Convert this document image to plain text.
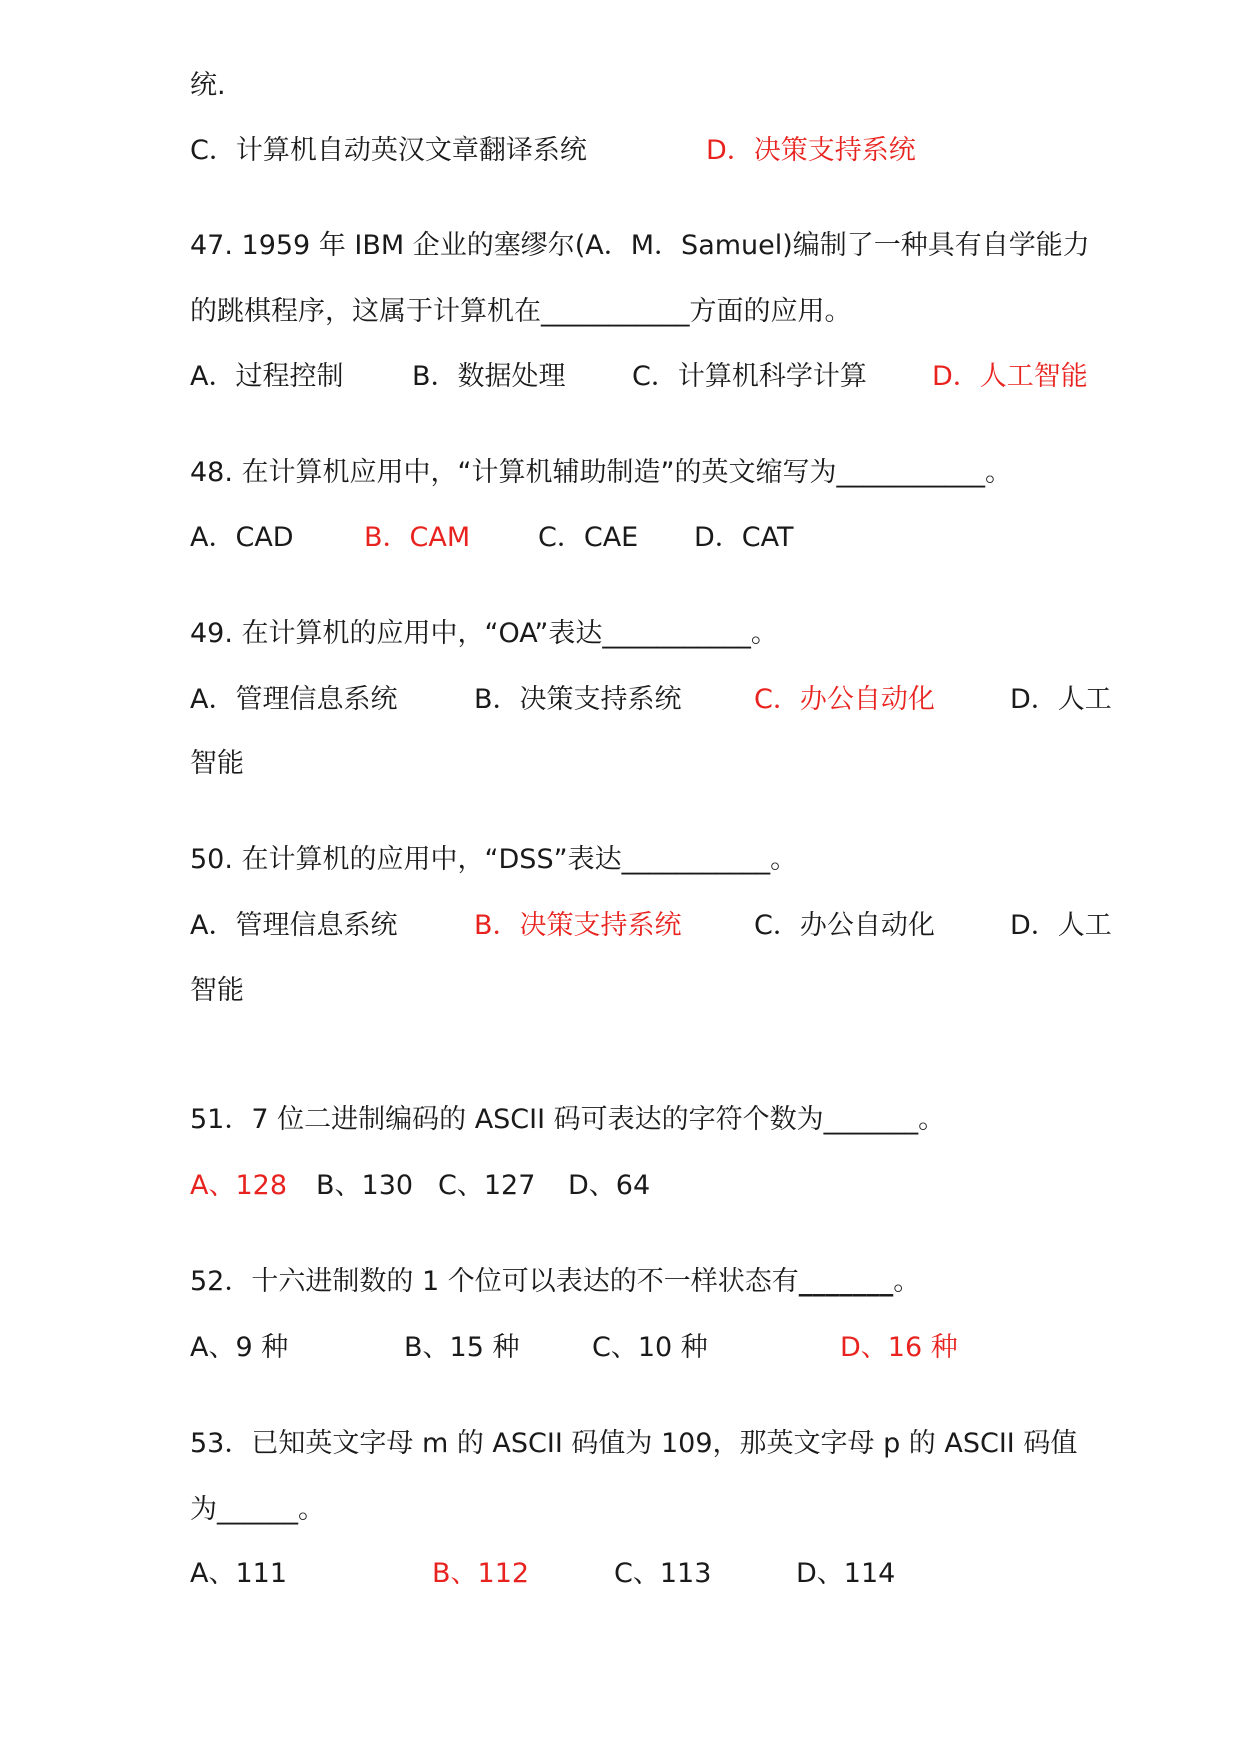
统.
C．计算机自动英汉文章翻译系统	D．决策支持系统
47. 1959 年 IBM 企业的塞缪尔(A．M．Samuel)编制了一种具有自学能力
的跳棋程序，这属于计算机在___________方面的应用。
A．过程控制	B．数据处理 C．计算机科学计算 D．人工智能
48. 在计算机应用中，“计算机辅助制造”的英文缩写为___________。
A．CAD	B．CAM	C．CAE D．CAT
49. 在计算机的应用中，“OA”表达___________。
A．管理信息系统	B．决策支持系统	C．办公自动化	D．人工
智能
50. 在计算机的应用中，“DSS”表达___________。
A．管理信息系统	B．决策支持系统	C．办公自动化	D．人工
智能
51．7 位二进制编码的 ASCII 码可表达的字符个数为_______。
A、128 B、130 C、127 D、64
52．十六进制数的 1 个位可以表达的不一样状态有_______。
A、9 种	B、15 种	C、10 种	D、16 种
53．已知英文字母 m 的 ASCII 码值为 109，那英文字母 p 的 ASCII 码值
为______。
A、111	B、112	C、113	D、114
